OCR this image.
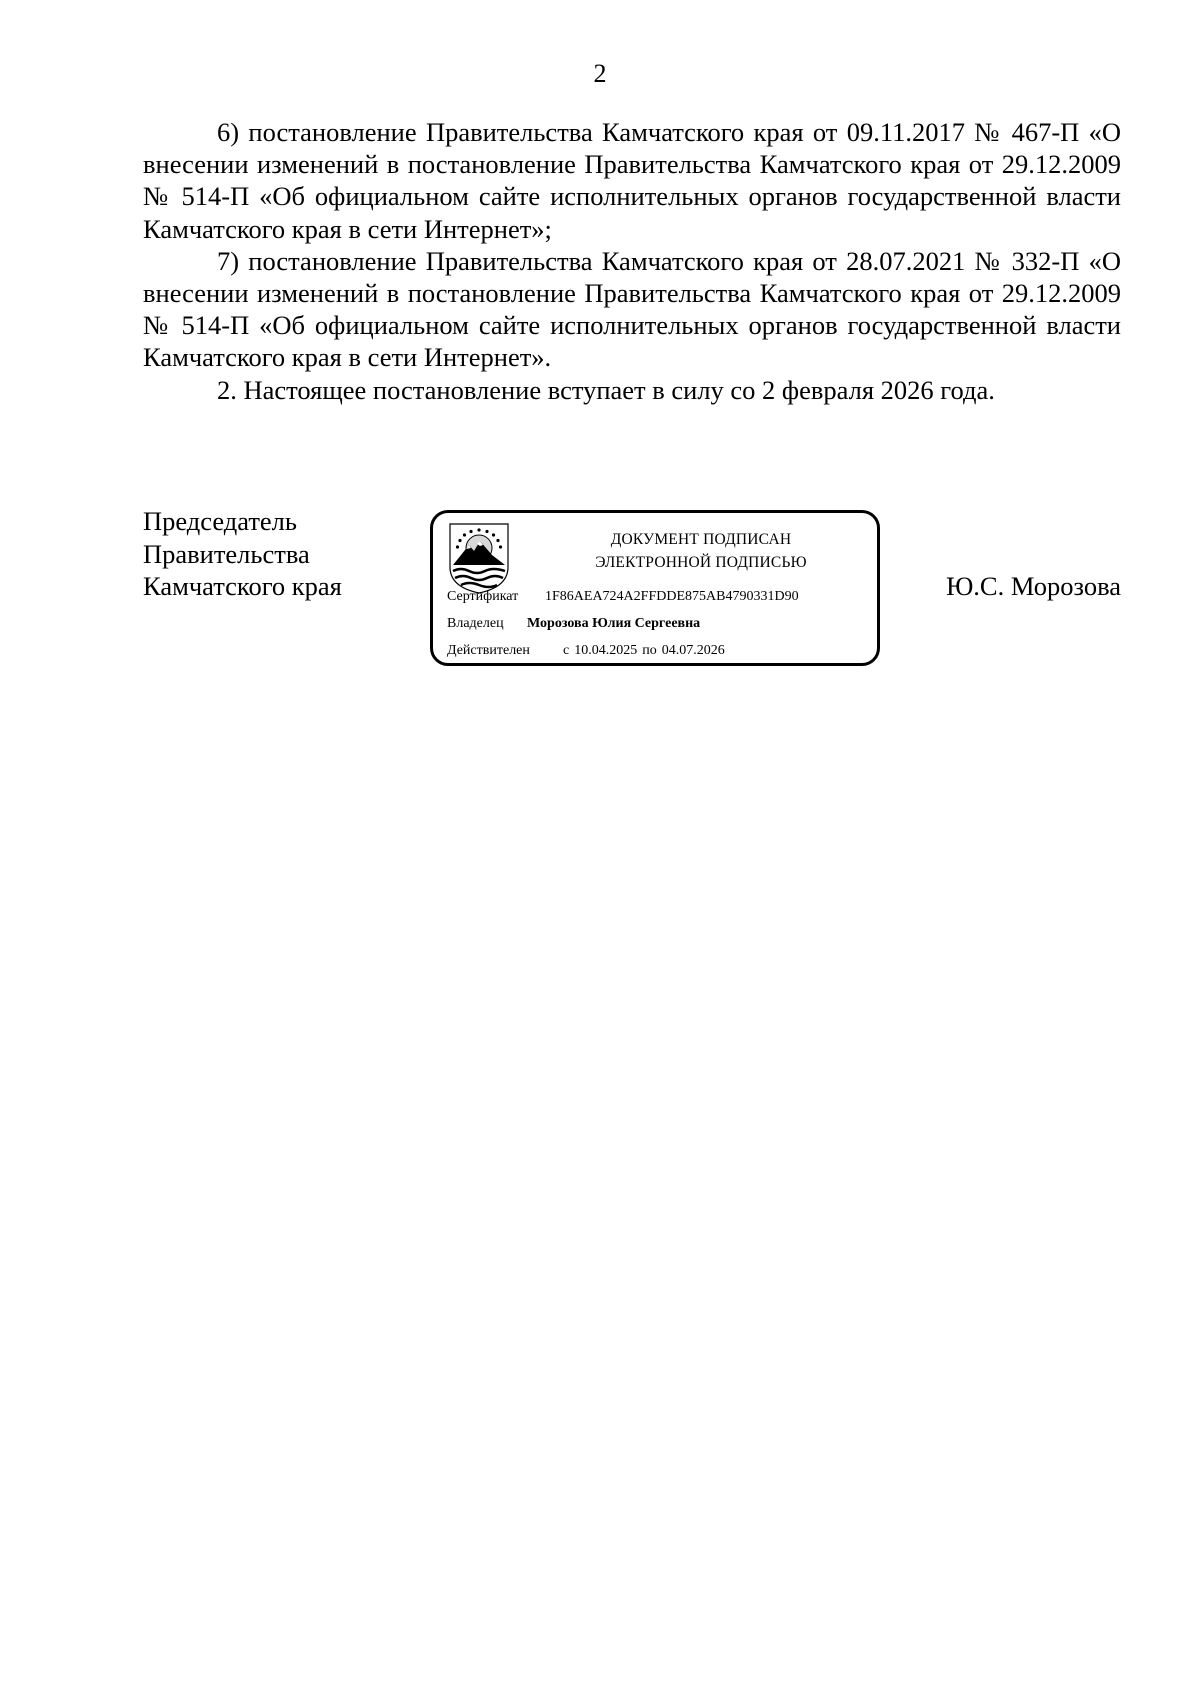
2

6) постановление Правительства Камчатского края от 09.11.2017 № 467-П «О внесении изменений в постановление Правительства Камчатского края от 29.12.2009 № 514-П «Об официальном сайте исполнительных органов государственной власти Камчатского края в сети Интернет»;

7) постановление Правительства Камчатского края от 28.07.2021 № 332-П «О внесении изменений в постановление Правительства Камчатского края от 29.12.2009 № 514-П «Об официальном сайте исполнительных органов государственной власти Камчатского края в сети Интернет».

2. Настоящее постановление вступает в силу со 2 февраля 2026 года.

Председатель
Правительства
Камчатского края
ДОКУМЕНТ ПОДПИСАН
ЭЛЕКТРОННОЙ ПОДПИСЬЮ
Сертификат 1F86AEA724A2FFDDE875AB4790331D90
Владелец Морозова Юлия Сергеевна
Действителен с 10.04.2025 по 04.07.2026
Ю.С. Морозова
